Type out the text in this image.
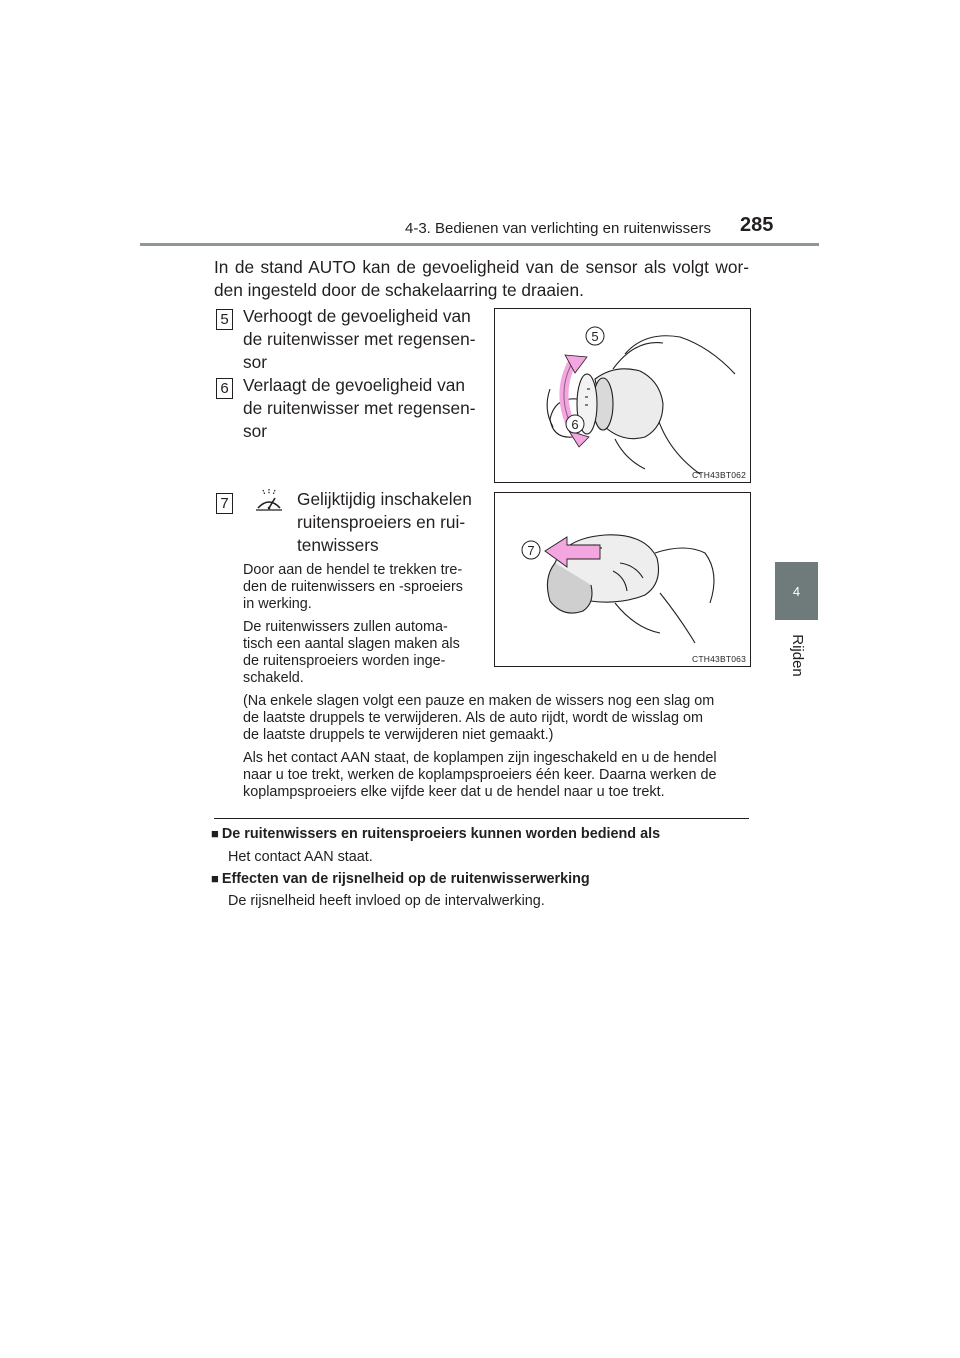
4-3. Bedienen van verlichting en ruitenwissers 285
4
Rijden
In de stand AUTO kan de gevoeligheid van de sensor als volgt wor-
den ingesteld door de schakelaarring te draaien.
5 Verhoogt de gevoeligheid van
de ruitenwisser met regensen-
sor
6 Verlaagt de gevoeligheid van
de ruitenwisser met regensen-
sor
7	Gelijktijdig inschakelen
ruitensproeiers en rui-
tenwissers
Door aan de hendel te trekken tre-
den de ruitenwissers en -sproeiers
in werking.
De ruitenwissers zullen automa-
tisch een aantal slagen maken als
de ruitensproeiers worden inge-
schakeld.
(Na enkele slagen volgt een pauze en maken de wissers nog een slag om
de laatste druppels te verwijderen. Als de auto rijdt, wordt de wisslag om
de laatste druppels te verwijderen niet gemaakt.)
Als het contact AAN staat, de koplampen zijn ingeschakeld en u de hendel
naar u toe trekt, werken de koplampsproeiers één keer. Daarna werken de
koplampsproeiers elke vijfde keer dat u de hendel naar u toe trekt.
5
6
CTH43BT062
7
CTH43BT063
■ De ruitenwissers en ruitensproeiers kunnen worden bediend als
Het contact AAN staat.
■ Effecten van de rijsnelheid op de ruitenwisserwerking
De rijsnelheid heeft invloed op de intervalwerking.
